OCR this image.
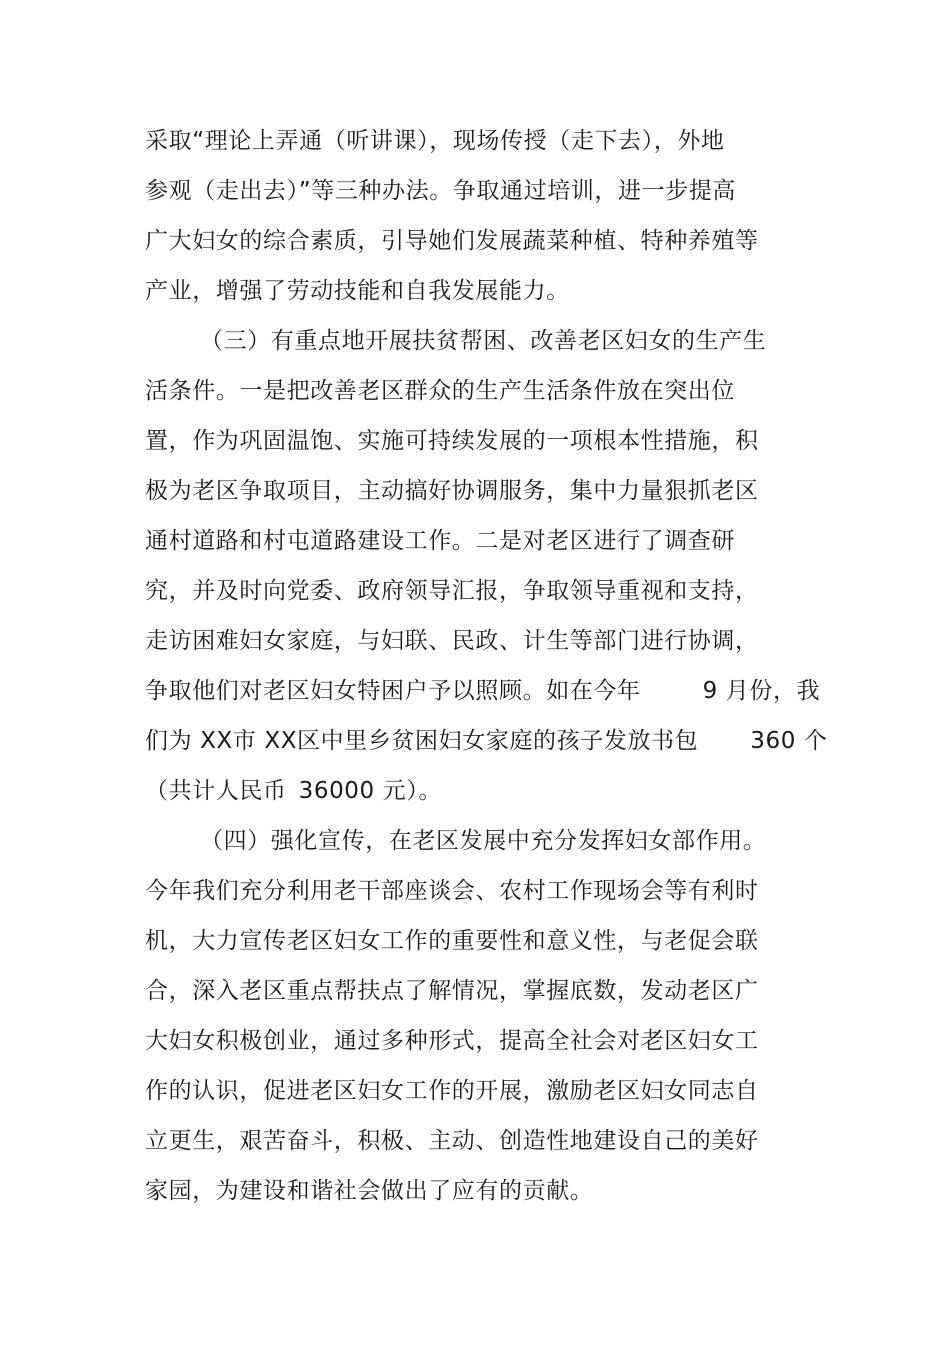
采取“理论上弄通（听讲课），现场传授（走下去），外地
参观（走出去）”等三种办法。争取通过培训，进一步提高
广大妇女的综合素质，引导她们发展蔬菜种植、特种养殖等
产业，增强了劳动技能和自我发展能力。
（三）有重点地开展扶贫帮困、改善老区妇女的生产生
活条件。一是把改善老区群众的生产生活条件放在突出位
置，作为巩固温饱、实施可持续发展的一项根本性措施，积
极为老区争取项目，主动搞好协调服务，集中力量狠抓老区
通村道路和村屯道路建设工作。二是对老区进行了调查研
究，并及时向党委、政府领导汇报，争取领导重视和支持，
走访困难妇女家庭，与妇联、民政、计生等部门进行协调，
争取他们对老区妇女特困户予以照顾。如在今年	9 月份，我
们为 XX市 XX区中里乡贫困妇女家庭的孩子发放书包 360 个
（共计人民币 36000 元）。
（四）强化宣传，在老区发展中充分发挥妇女部作用。
今年我们充分利用老干部座谈会、农村工作现场会等有利时
机，大力宣传老区妇女工作的重要性和意义性，与老促会联
合，深入老区重点帮扶点了解情况，掌握底数，发动老区广
大妇女积极创业，通过多种形式，提高全社会对老区妇女工
作的认识，促进老区妇女工作的开展，激励老区妇女同志自
立更生，艰苦奋斗，积极、主动、创造性地建设自己的美好
家园，为建设和谐社会做出了应有的贡献。
